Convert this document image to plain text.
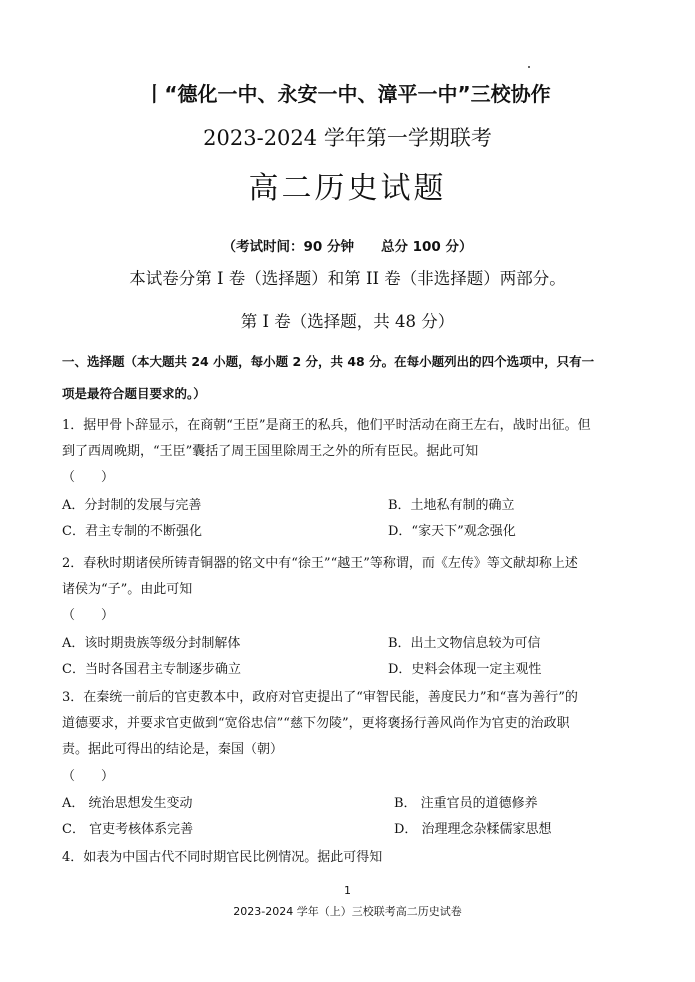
丨“德化一中、永安一中、漳平一中”三校协作
2023-2024 学年第一学期联考
高二历史试题
（考试时间：90 分钟　　总分 100 分）
本试卷分第 I 卷（选择题）和第 II 卷（非选择题）两部分。
第 I 卷（选择题，共 48 分）
一、选择题（本大题共 24 小题，每小题 2 分，共 48 分。在每小题列出的四个选项中，只有一
项是最符合题目要求的。）
1．据甲骨卜辞显示，在商朝“王臣”是商王的私兵，他们平时活动在商王左右，战时出征。但
到了西周晚期，“王臣”囊括了周王国里除周王之外的所有臣民。据此可知
（　　）
A．分封制的发展与完善	B．土地私有制的确立
C．君主专制的不断强化	D．“家天下”观念强化
2．春秋时期诸侯所铸青铜器的铭文中有“徐王”“越王”等称谓，而《左传》等文献却称上述
诸侯为“子”。由此可知
（　　）
A．该时期贵族等级分封制解体	B．出土文物信息较为可信
C．当时各国君主专制逐步确立	D．史料会体现一定主观性
3．在秦统一前后的官吏教本中，政府对官吏提出了“审智民能，善度民力”和“喜为善行”的
道德要求，并要求官吏做到“宽俗忠信”“慈下勿陵”，更将褒扬行善风尚作为官吏的治政职
责。据此可得出的结论是，秦国（朝）
（　　）
A． 统治思想发生变动	B． 注重官员的道德修养
C． 官吏考核体系完善	D． 治理理念杂糅儒家思想
4．如表为中国古代不同时期官民比例情况。据此可得知
1
2023-2024 学年（上）三校联考高二历史试卷
